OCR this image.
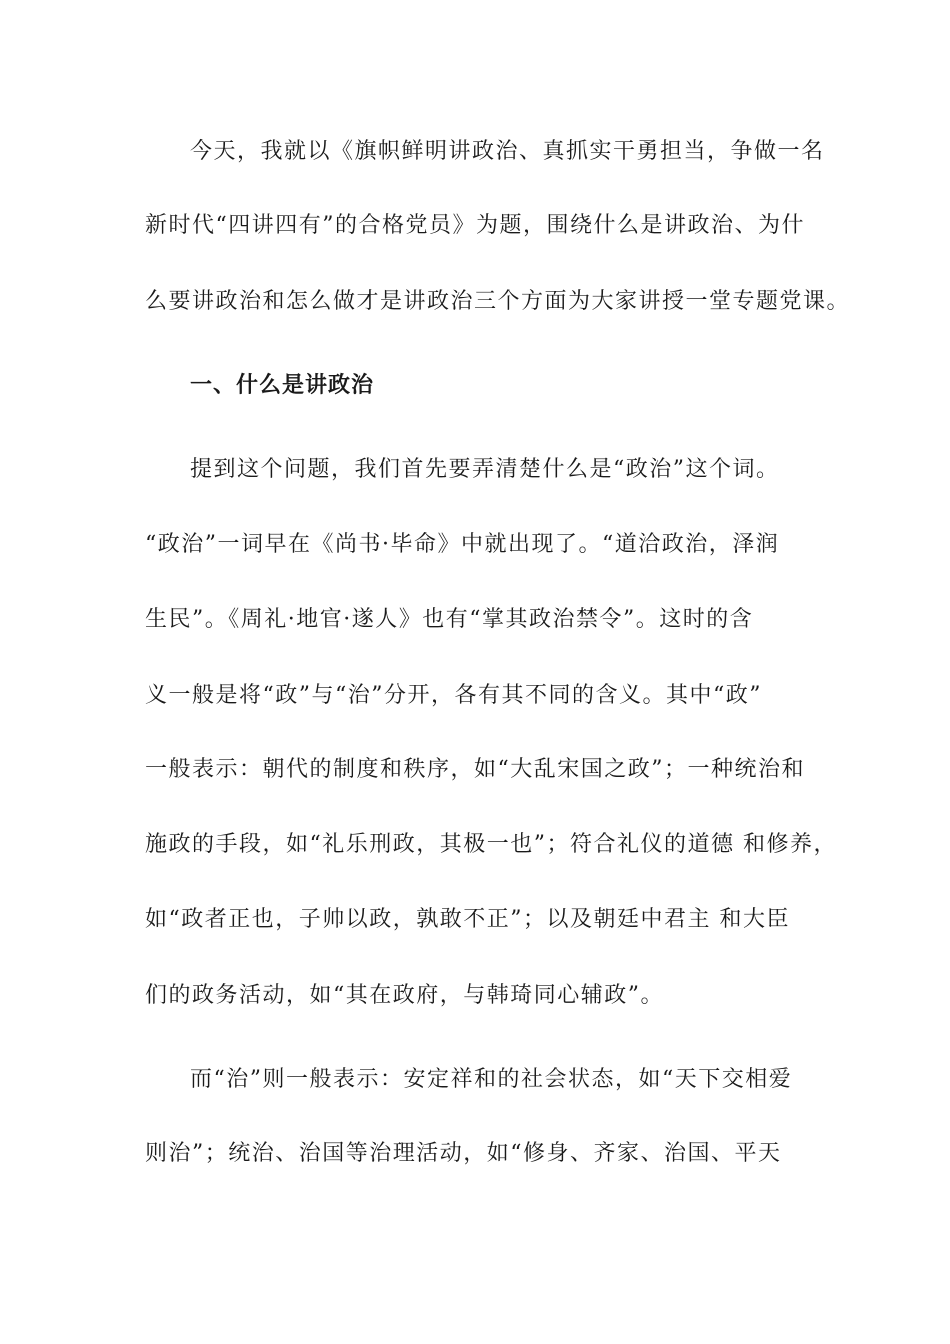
今天，我就以《旗帜鲜明讲政治、真抓实干勇担当，争做一名
新时代“四讲四有”的合格党员》为题，围绕什么是讲政治、为什
么要讲政治和怎么做才是讲政治三个方面为大家讲授一堂专题党课。
一、什么是讲政治
提到这个问题，我们首先要弄清楚什么是“政治”这个词。
“政治”一词早在《尚书·毕命》中就出现了。“道洽政治，泽润
生民”。《周礼·地官·遂人》也有“掌其政治禁令”。这时的含
义一般是将“政”与“治”分开，各有其不同的含义。其中“政”
一般表示：朝代的制度和秩序，如“大乱宋国之政”；一种统治和
施政的手段，如“礼乐刑政，其极一也”；符合礼仪的道德 和修养，
如“政者正也，子帅以政，孰敢不正”；以及朝廷中君主 和大臣
们的政务活动，如“其在政府，与韩琦同心辅政”。
而“治”则一般表示：安定祥和的社会状态，如“天下交相爱
则治”；统治、治国等治理活动，如“修身、齐家、治国、平天
